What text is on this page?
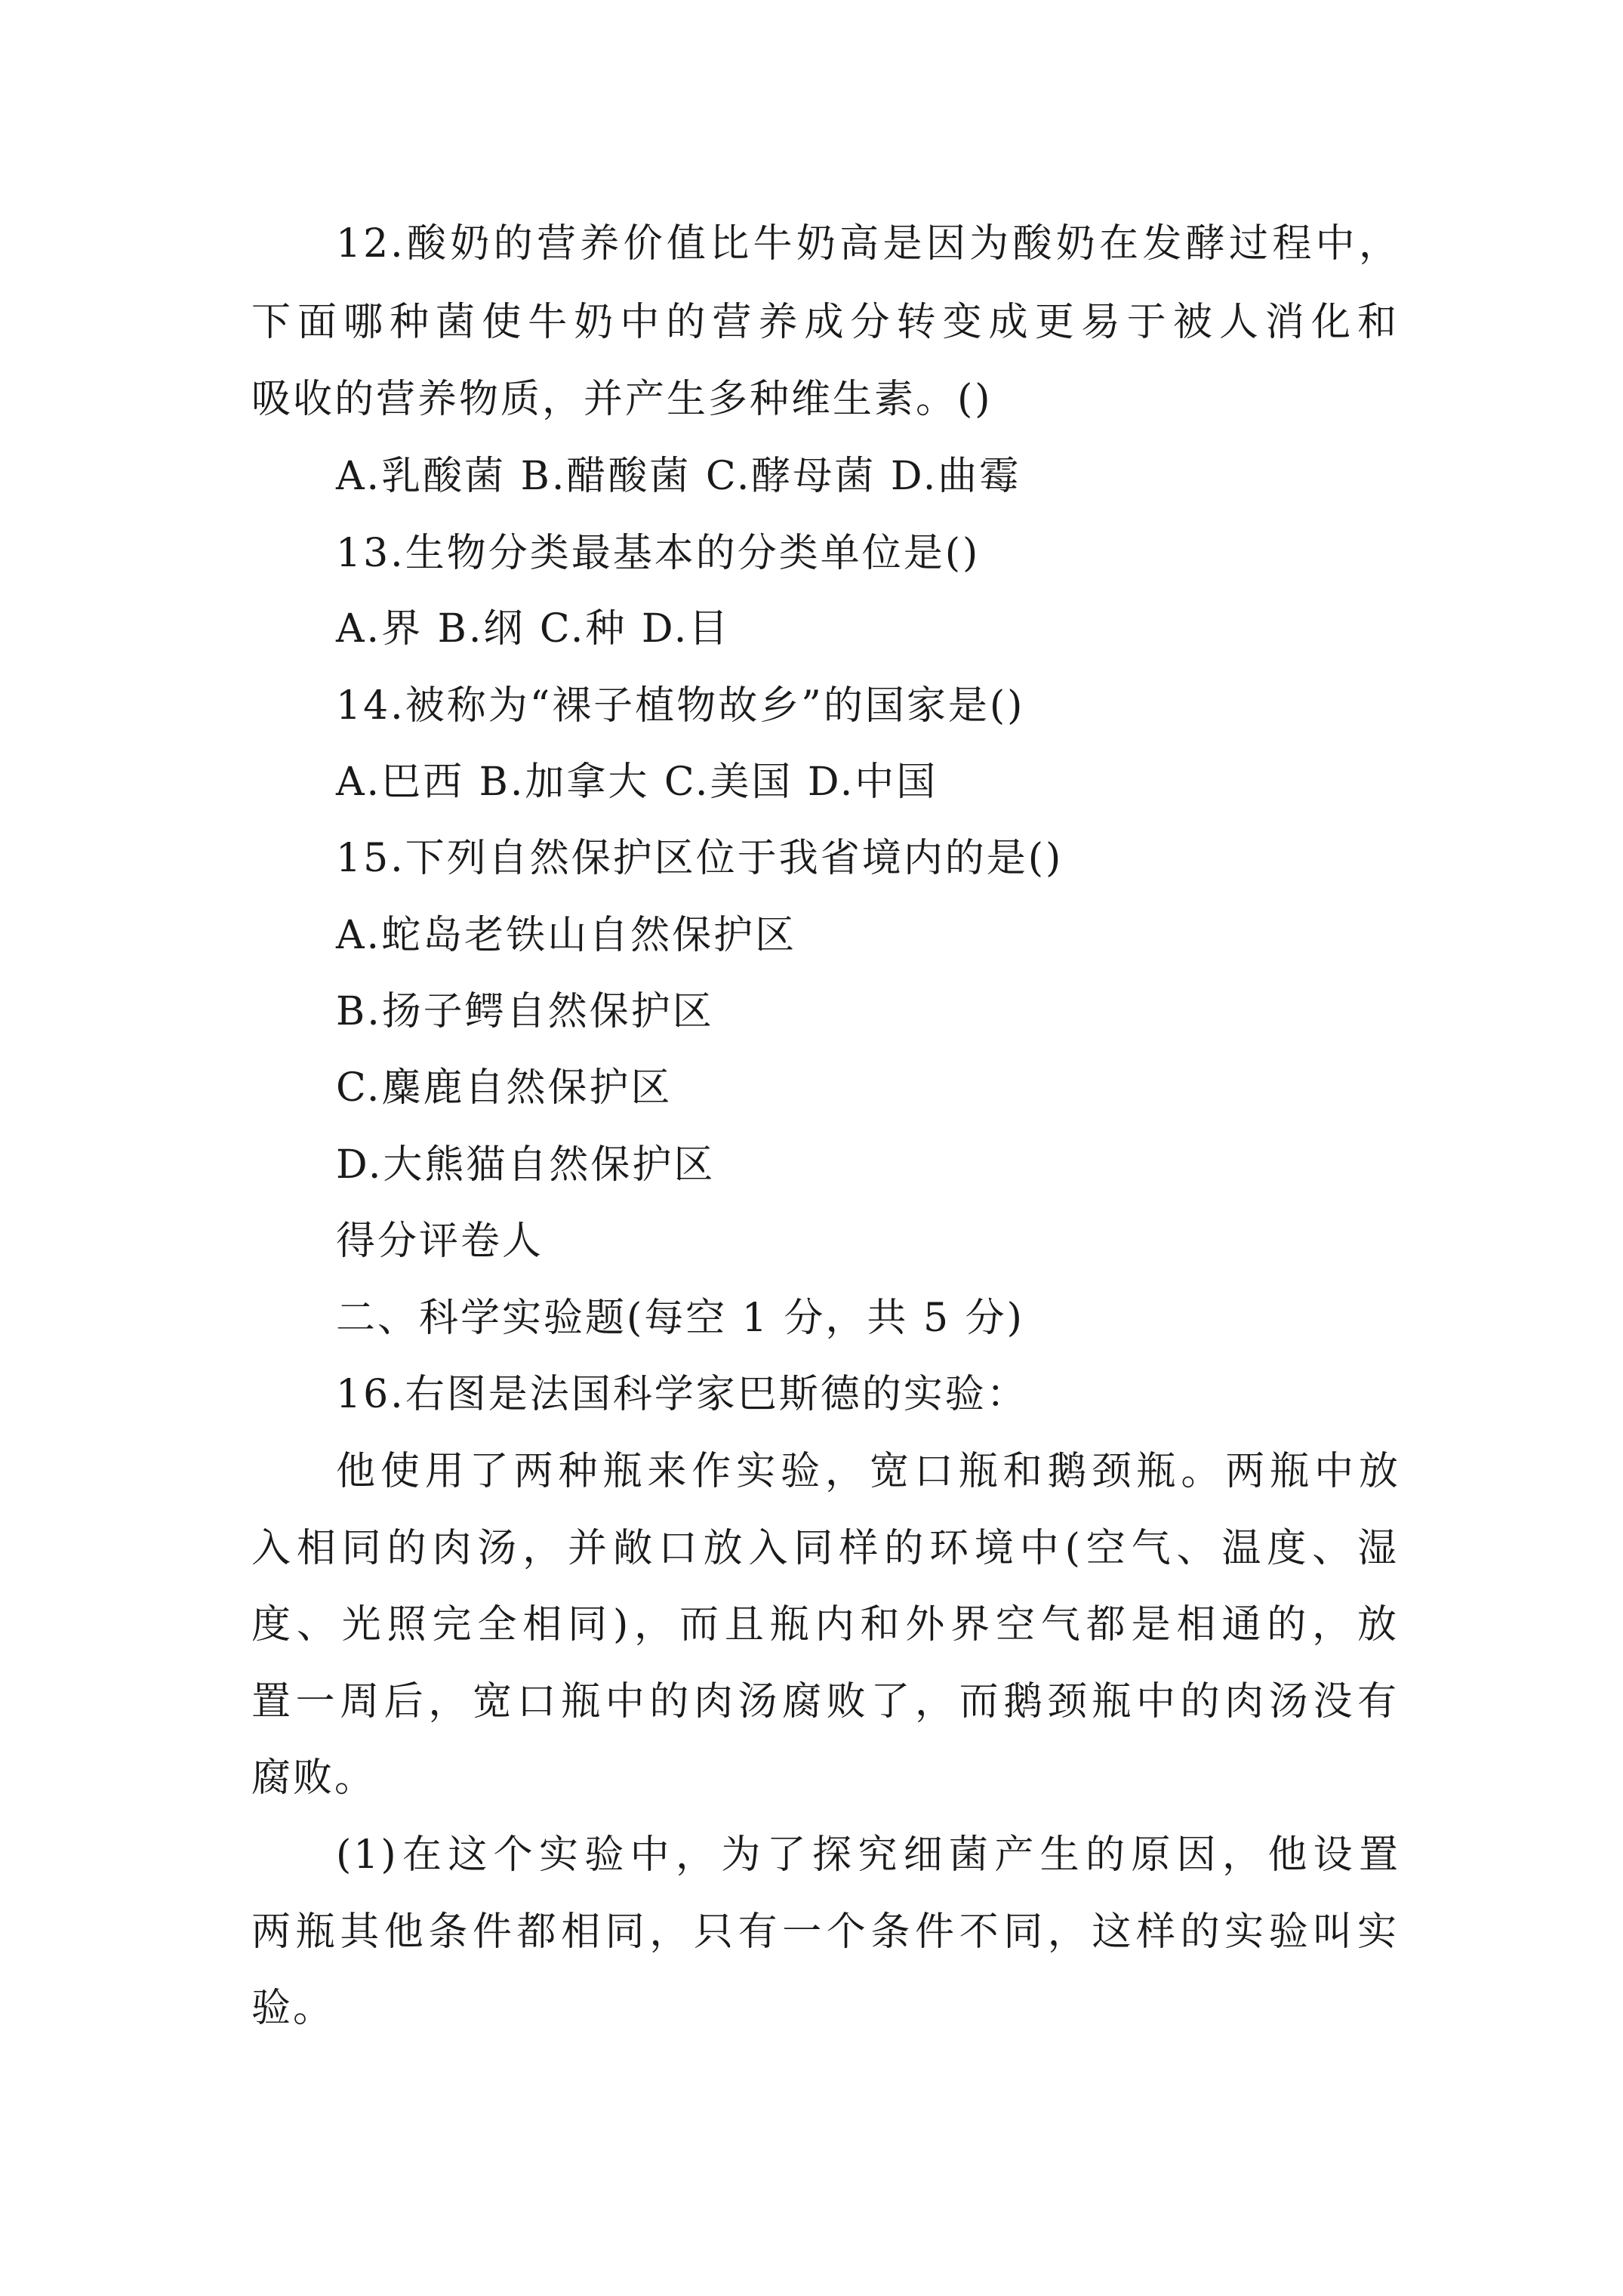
12.酸奶的营养价值比牛奶高是因为酸奶在发酵过程中，
下面哪种菌使牛奶中的营养成分转变成更易于被人消化和
吸收的营养物质，并产生多种维生素。()
A.乳酸菌 B.醋酸菌 C.酵母菌 D.曲霉
13.生物分类最基本的分类单位是()
A.界 B.纲 C.种 D.目
14.被称为“裸子植物故乡”的国家是()
A.巴西 B.加拿大 C.美国 D.中国
15.下列自然保护区位于我省境内的是()
A.蛇岛老铁山自然保护区
B.扬子鳄自然保护区
C.麋鹿自然保护区
D.大熊猫自然保护区
得分评卷人
二、科学实验题(每空 1 分，共 5 分)
16.右图是法国科学家巴斯德的实验：
他使用了两种瓶来作实验，宽口瓶和鹅颈瓶。两瓶中放
入相同的肉汤，并敞口放入同样的环境中(空气、温度、湿
度、光照完全相同)，而且瓶内和外界空气都是相通的，放
置一周后，宽口瓶中的肉汤腐败了，而鹅颈瓶中的肉汤没有
腐败。
(1)在这个实验中，为了探究细菌产生的原因，他设置
两瓶其他条件都相同，只有一个条件不同，这样的实验叫实
验。
